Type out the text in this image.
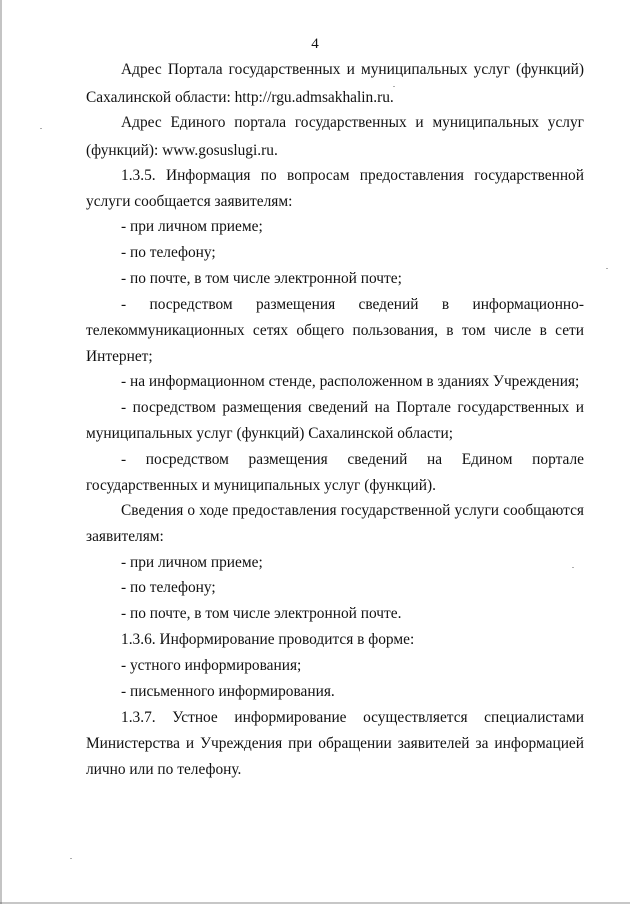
4
Адрес Портала государственных и муниципальных услуг (функций)
Сахалинской области: http://rgu.admsakhalin.ru.
Адрес Единого портала государственных и муниципальных услуг
(функций): www.gosuslugi.ru.
1.3.5. Информация по вопросам предоставления государственной
услуги сообщается заявителям:
- при личном приеме;
- по телефону;
- по почте, в том числе электронной почте;
- посредством размещения сведений в информационно-
телекоммуникационных сетях общего пользования, в том числе в сети
Интернет;
- на информационном стенде, расположенном в зданиях Учреждения;
- посредством размещения сведений на Портале государственных и
муниципальных услуг (функций) Сахалинской области;
- посредством размещения сведений на Едином портале
государственных и муниципальных услуг (функций).
Сведения о ходе предоставления государственной услуги сообщаются
заявителям:
- при личном приеме;
- по телефону;
- по почте, в том числе электронной почте.
1.3.6. Информирование проводится в форме:
- устного информирования;
- письменного информирования.
1.3.7. Устное информирование осуществляется специалистами
Министерства и Учреждения при обращении заявителей за информацией
лично или по телефону.
